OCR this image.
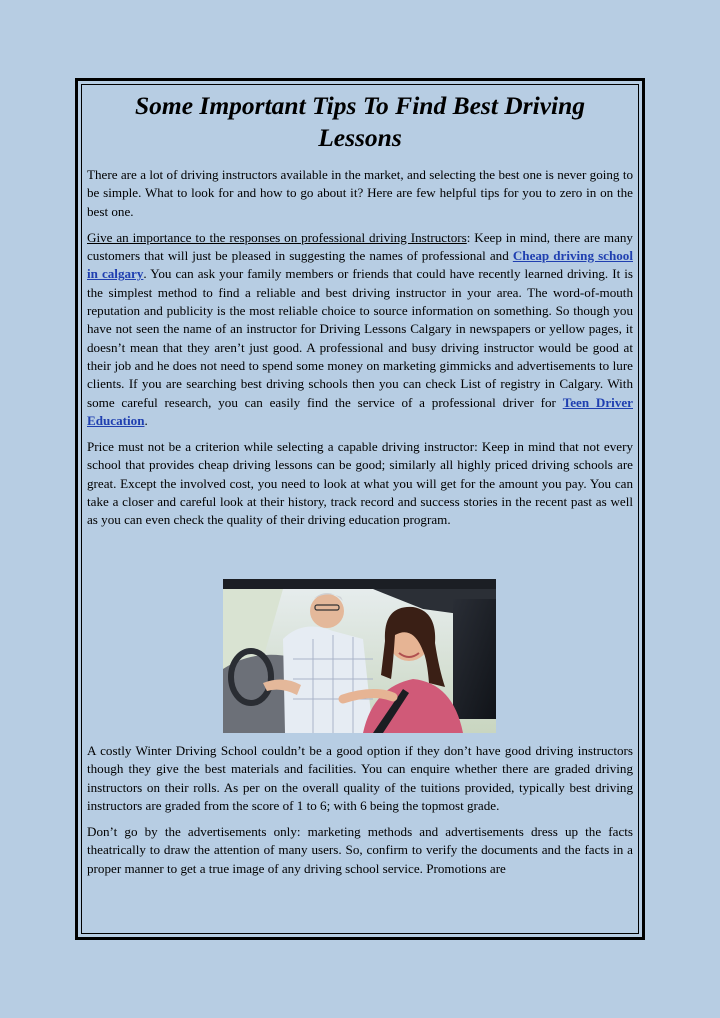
Some Important Tips To Find Best Driving Lessons

There are a lot of driving instructors available in the market, and selecting the best one is never going to be simple. What to look for and how to go about it? Here are few helpful tips for you to zero in on the best one.

Give an importance to the responses on professional driving Instructors: Keep in mind, there are many customers that will just be pleased in suggesting the names of professional and Cheap driving school in calgary. You can ask your family members or friends that could have recently learned driving. It is the simplest method to find a reliable and best driving instructor in your area. The word-of-mouth reputation and publicity is the most reliable choice to source information on something. So though you have not seen the name of an instructor for Driving Lessons Calgary in newspapers or yellow pages, it doesn’t mean that they aren’t just good. A professional and busy driving instructor would be good at their job and he does not need to spend some money on marketing gimmicks and advertisements to lure clients. If you are searching best driving schools then you can check List of registry in Calgary. With some careful research, you can easily find the service of a professional driver for Teen Driver Education.

Price must not be a criterion while selecting a capable driving instructor: Keep in mind that not every school that provides cheap driving lessons can be good; similarly all highly priced driving schools are great. Except the involved cost, you need to look at what you will get for the amount you pay. You can take a closer and careful look at their history, track record and success stories in the recent past as well as you can even check the quality of their driving education program.

A costly Winter Driving School couldn’t be a good option if they don’t have good driving instructors though they give the best materials and facilities. You can enquire whether there are graded driving instructors on their rolls. As per on the overall quality of the tuitions provided, typically best driving instructors are graded from the score of 1 to 6; with 6 being the topmost grade.

Don’t go by the advertisements only: marketing methods and advertisements dress up the facts theatrically to draw the attention of many users. So, confirm to verify the documents and the facts in a proper manner to get a true image of any driving school service. Promotions are
